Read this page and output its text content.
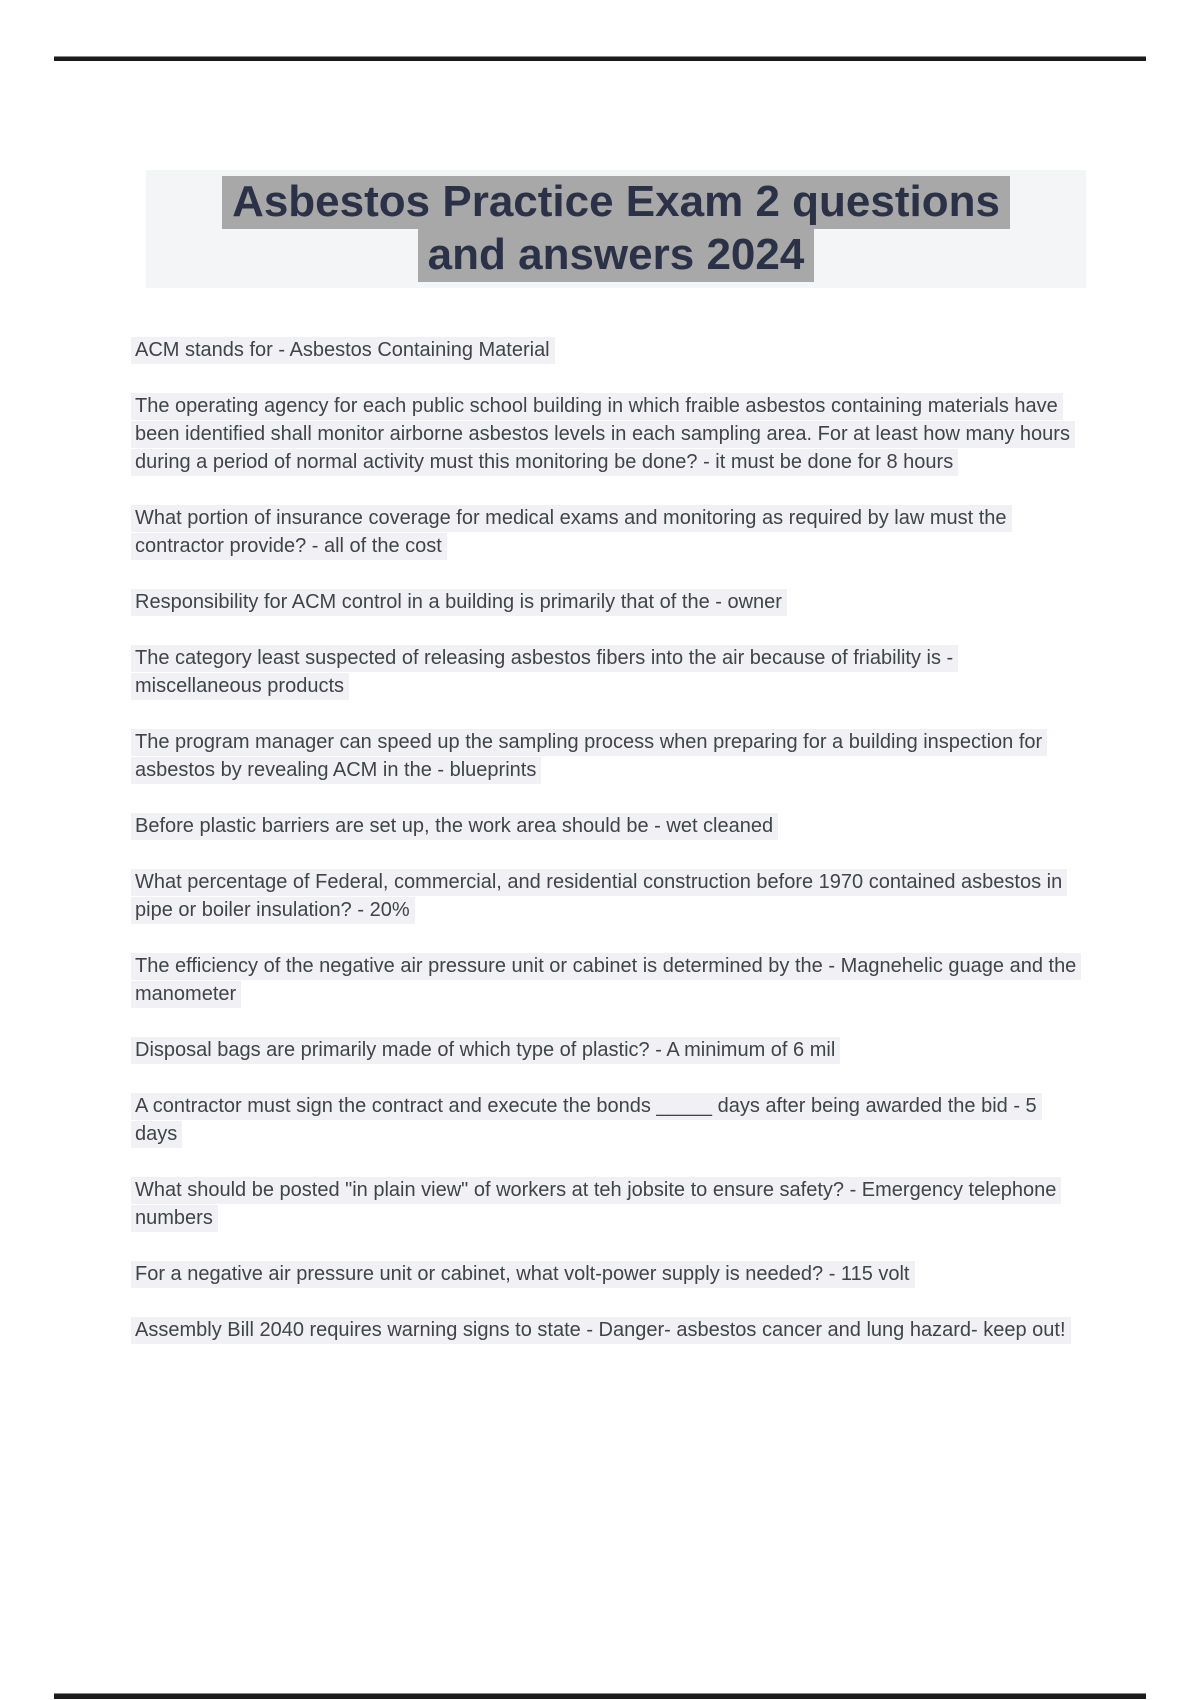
Asbestos Practice Exam 2 questions
and answers 2024

ACM stands for - Asbestos Containing Material

The operating agency for each public school building in which fraible asbestos containing materials have been identified shall monitor airborne asbestos levels in each sampling area. For at least how many hours during a period of normal activity must this monitoring be done? - it must be done for 8 hours

What portion of insurance coverage for medical exams and monitoring as required by law must the contractor provide? - all of the cost

Responsibility for ACM control in a building is primarily that of the - owner

The category least suspected of releasing asbestos fibers into the air because of friability is - miscellaneous products

The program manager can speed up the sampling process when preparing for a building inspection for asbestos by revealing ACM in the - blueprints

Before plastic barriers are set up, the work area should be - wet cleaned

What percentage of Federal, commercial, and residential construction before 1970 contained asbestos in pipe or boiler insulation? - 20%

The efficiency of the negative air pressure unit or cabinet is determined by the - Magnehelic guage and the manometer

Disposal bags are primarily made of which type of plastic? - A minimum of 6 mil

A contractor must sign the contract and execute the bonds _____ days after being awarded the bid - 5 days

What should be posted "in plain view" of workers at teh jobsite to ensure safety? - Emergency telephone numbers

For a negative air pressure unit or cabinet, what volt-power supply is needed? - 115 volt

Assembly Bill 2040 requires warning signs to state - Danger- asbestos cancer and lung hazard- keep out!
